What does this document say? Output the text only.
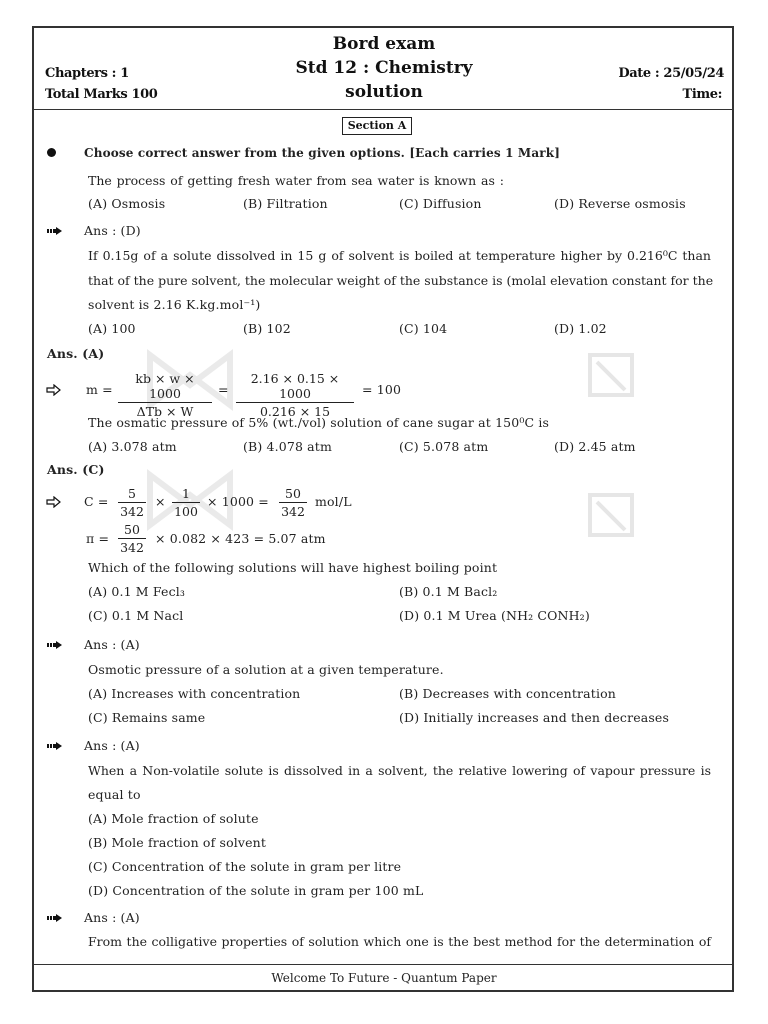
Bord exam
Std 12 : Chemistry
solution
Chapters : 1
Total Marks 100
Date : 25/05/24
Time:
Section A
Choose correct answer from the given options. [Each carries 1 Mark]
The process of getting fresh water from sea water is known as :
(A) Osmosis	(B) Filtration	(C) Diffusion	(D) Reverse osmosis
Ans : (D)
If 0.15g of a solute dissolved in 15 g of solvent is boiled at temperature higher by 0.216⁰C than
that of the pure solvent, the molecular weight of the substance is (molal elevation constant for the
solvent is 2.16 K.kg.mol⁻¹)
(A) 100	(B) 102	(C) 104	(D) 1.02
Ans. (A)
m =
kb × w × 1000
ΔTb × W
= $\frac{2.16 \times 0.15 \times 1000}{0.216 \times 15} = 100$
The osmatic pressure of 5% (wt./vol) solution of cane sugar at 150⁰C is
(A) 3.078 atm	(B) 4.078 atm	(C) 5.078 atm	(D) 2.45 atm
Ans. (C)
$C = \frac{5}{342} \times \frac{1}{100} \times 1000 = \frac{50}{342} mol/L$
$\pi = \frac{50}{342} \times 0.082 \times 423 = 5.07$ atm
Which of the following solutions will have highest boiling point
(A) 0.1 M Fecl₃	(B) 0.1 M Bacl₂
(C) 0.1 M Nacl	(D) 0.1 M Urea (NH₂ CONH₂)
Ans : (A)
Osmotic pressure of a solution at a given temperature.
(A) Increases with concentration	(B) Decreases with concentration
(C) Remains same	(D) Initially increases and then decreases
Ans : (A)
When a Non-volatile solute is dissolved in a solvent, the relative lowering of vapour pressure is
equal to
(A) Mole fraction of solute
(B) Mole fraction of solvent
(C) Concentration of the solute in gram per litre
(D) Concentration of the solute in gram per 100 mL
Ans : (A)
From the colligative properties of solution which one is the best method for the determination of
Welcome To Future - Quantum Paper
